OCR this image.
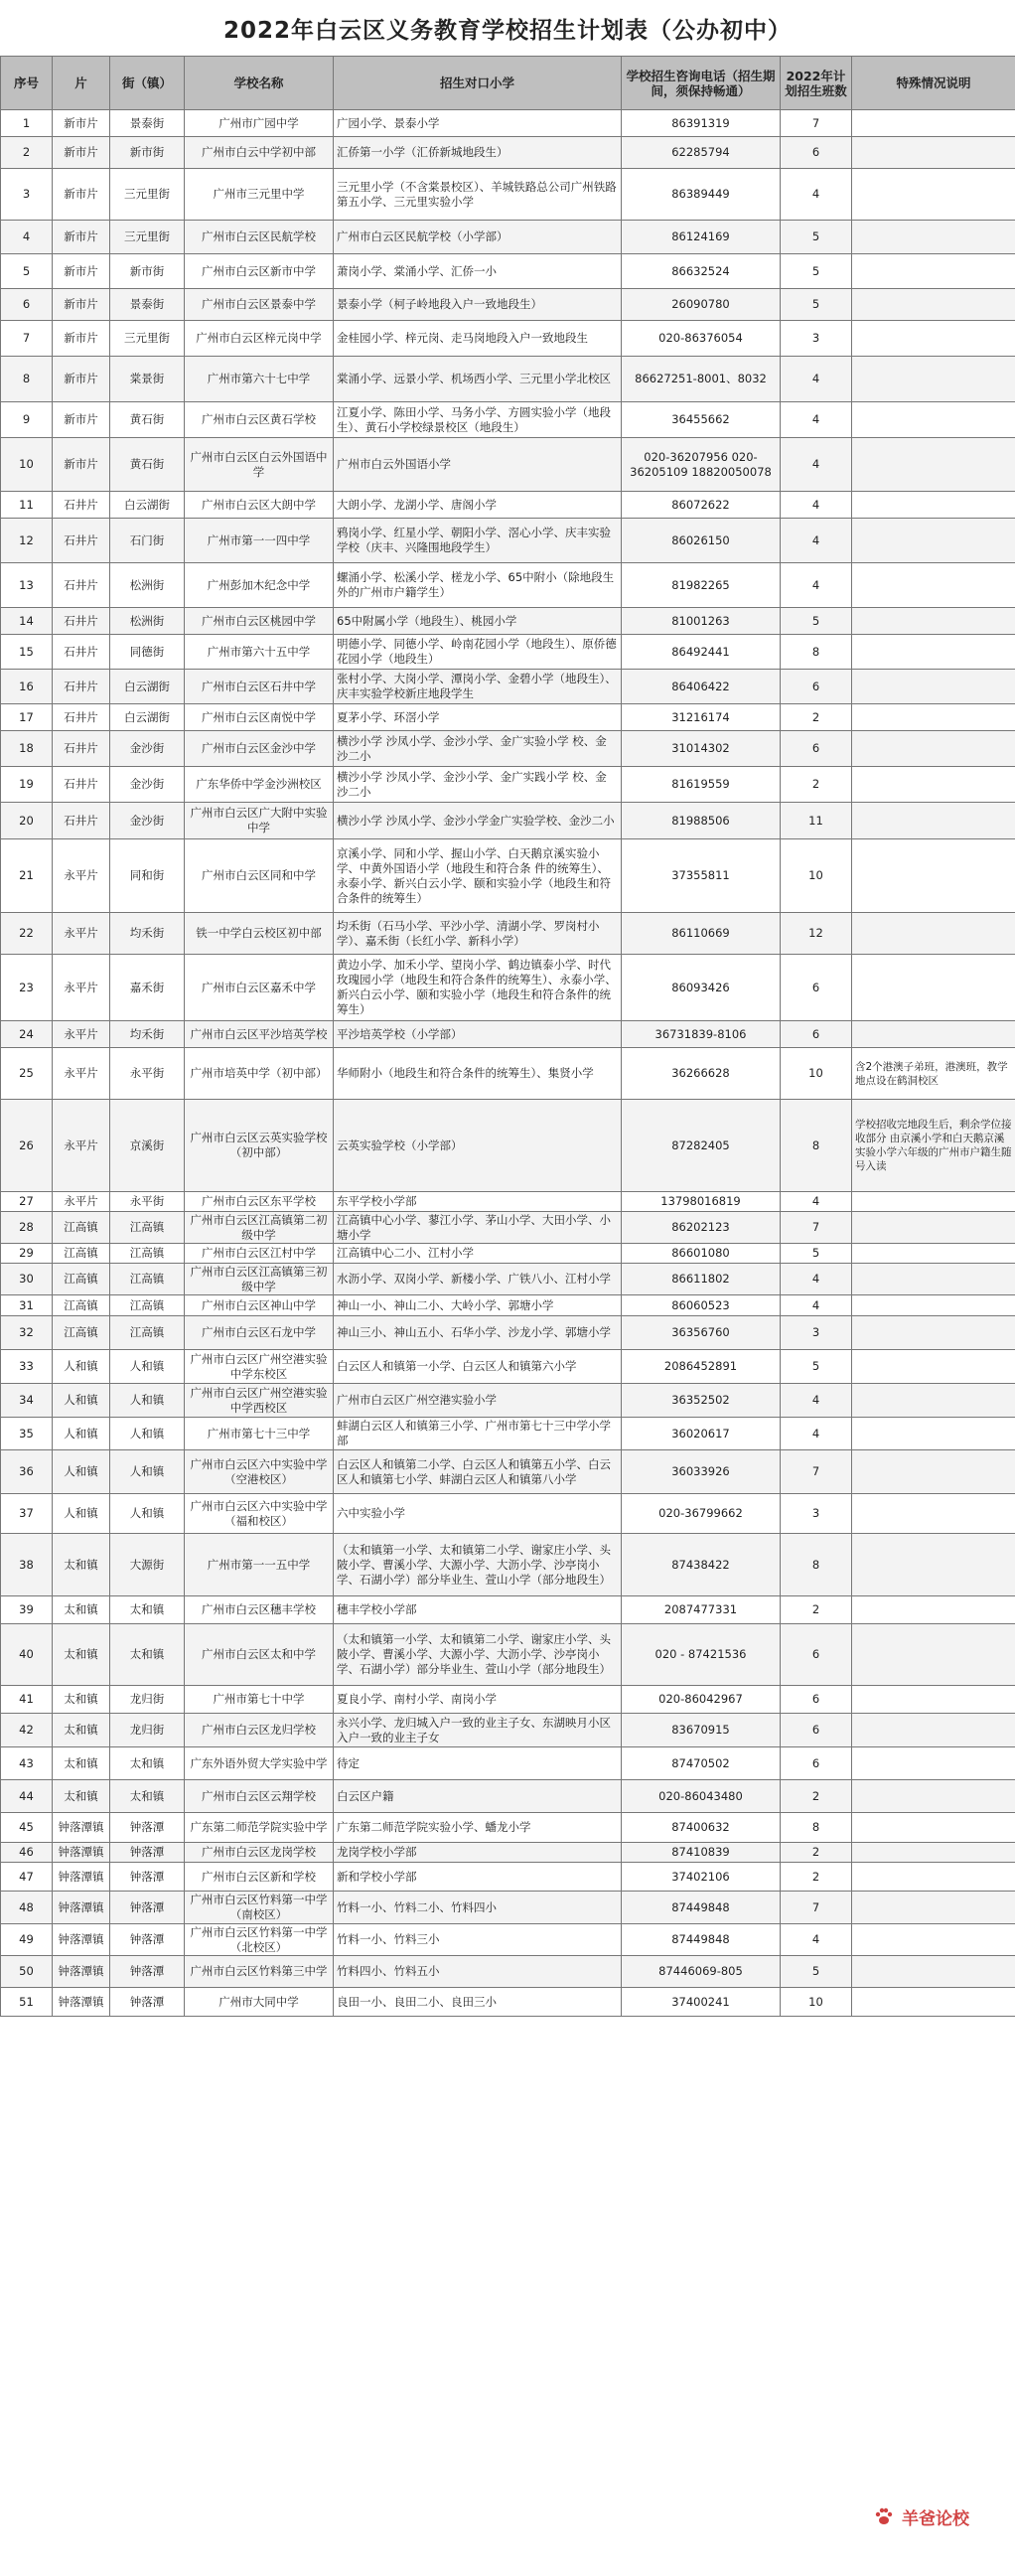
2022年白云区义务教育学校招生计划表（公办初中）
序号	片	街（镇）	学校名称	招生对口小学	学校招生咨询电话（招生期间，须保持畅通）	2022年计划招生班数	特殊情况说明
1	新市片	景泰街	广州市广园中学	广园小学、景泰小学	86391319	7	
2	新市片	新市街	广州市白云中学初中部	汇侨第一小学（汇侨新城地段生）	62285794	6	
3	新市片	三元里街	广州市三元里中学	三元里小学（不含棠景校区）、羊城铁路总公司广州铁路第五小学、三元里实验小学	86389449	4	
4	新市片	三元里街	广州市白云区民航学校	广州市白云区民航学校（小学部）	86124169	5	
5	新市片	新市街	广州市白云区新市中学	萧岗小学、棠涌小学、汇侨一小	86632524	5	
6	新市片	景泰街	广州市白云区景泰中学	景泰小学（柯子岭地段入户一致地段生）	26090780	5	
7	新市片	三元里街	广州市白云区梓元岗中学	金桂园小学、梓元岗、走马岗地段入户一致地段生	020-86376054	3	
8	新市片	棠景街	广州市第六十七中学	棠涌小学、远景小学、机场西小学、三元里小学北校区	86627251-8001、8032	4	
9	新市片	黄石街	广州市白云区黄石学校	江夏小学、陈田小学、马务小学、方圆实验小学（地段生）、黄石小学校绿景校区（地段生）	36455662	4	
10	新市片	黄石街	广州市白云区白云外国语中学	广州市白云外国语小学	020-36207956 020-36205109 18820050078	4	
11	石井片	白云湖街	广州市白云区大朗中学	大朗小学、龙湖小学、唐阁小学	86072622	4	
12	石井片	石门街	广州市第一一四中学	鸦岗小学、红星小学、朝阳小学、滘心小学、庆丰实验学校（庆丰、兴隆围地段学生）	86026150	4	
13	石井片	松洲街	广州彭加木纪念中学	螺涌小学、松溪小学、槎龙小学、65中附小（除地段生外的广州市户籍学生）	81982265	4	
14	石井片	松洲街	广州市白云区桃园中学	65中附属小学（地段生）、桃园小学	81001263	5	
15	石井片	同德街	广州市第六十五中学	明德小学、同德小学、岭南花园小学（地段生）、原侨德花园小学（地段生）	86492441	8	
16	石井片	白云湖街	广州市白云区石井中学	张村小学、大岗小学、潭岗小学、金碧小学（地段生）、庆丰实验学校新庄地段学生	86406422	6	
17	石井片	白云湖街	广州市白云区南悦中学	夏茅小学、环滘小学	31216174	2	
18	石井片	金沙街	广州市白云区金沙中学	横沙小学 沙凤小学、金沙小学、金广实验小学 校、金沙二小	31014302	6	
19	石井片	金沙街	广东华侨中学金沙洲校区	横沙小学 沙凤小学、金沙小学、金广实践小学 校、金沙二小	81619559	2	
20	石井片	金沙街	广州市白云区广大附中实验中学	横沙小学 沙凤小学、金沙小学金广实验学校、金沙二小	81988506	11	
21	永平片	同和街	广州市白云区同和中学	京溪小学、同和小学、握山小学、白天鹅京溪实验小学、中黄外国语小学（地段生和符合条 件的统筹生）、永泰小学、新兴白云小学、颐和实验小学（地段生和符合条件的统筹生）	37355811	10	
22	永平片	均禾街	铁一中学白云校区初中部	均禾街（石马小学、平沙小学、清湖小学、罗岗村小学）、嘉禾街（长红小学、新科小学）	86110669	12	
23	永平片	嘉禾街	广州市白云区嘉禾中学	黄边小学、加禾小学、望岗小学、鹤边镇泰小学、时代玫瑰园小学（地段生和符合条件的统筹生）、永泰小学、新兴白云小学、颐和实验小学（地段生和符合条件的统筹生）	86093426	6	
24	永平片	均禾街	广州市白云区平沙培英学校	平沙培英学校（小学部）	36731839-8106	6	
25	永平片	永平街	广州市培英中学（初中部）	华师附小（地段生和符合条件的统筹生）、集贤小学	36266628	10	含2个港澳子弟班，港澳班，教学地点设在鹤洞校区
26	永平片	京溪街	广州市白云区云英实验学校（初中部）	云英实验学校（小学部）	87282405	8	学校招收完地段生后，剩余学位接收部分 由京溪小学和白天鹅京溪实验小学六年级的广州市户籍生随号入读
27	永平片	永平街	广州市白云区东平学校	东平学校小学部	13798016819	4	
28	江高镇	江高镇	广州市白云区江高镇第二初级中学	江高镇中心小学、蓼江小学、茅山小学、大田小学、小塘小学	86202123	7	
29	江高镇	江高镇	广州市白云区江村中学	江高镇中心二小、江村小学	86601080	5	
30	江高镇	江高镇	广州市白云区江高镇第三初级中学	水沥小学、双岗小学、新楼小学、广铁八小、江村小学	86611802	4	
31	江高镇	江高镇	广州市白云区神山中学	神山一小、神山二小、大岭小学、郭塘小学	86060523	4	
32	江高镇	江高镇	广州市白云区石龙中学	神山三小、神山五小、石华小学、沙龙小学、郭塘小学	36356760	3	
33	人和镇	人和镇	广州市白云区广州空港实验中学东校区	白云区人和镇第一小学、白云区人和镇第六小学	2086452891	5	
34	人和镇	人和镇	广州市白云区广州空港实验中学西校区	广州市白云区广州空港实验小学	36352502	4	
35	人和镇	人和镇	广州市第七十三中学	蚌湖白云区人和镇第三小学、广州市第七十三中学小学部	36020617	4	
36	人和镇	人和镇	广州市白云区六中实验中学（空港校区）	白云区人和镇第二小学、白云区人和镇第五小学、白云区人和镇第七小学、蚌湖白云区人和镇第八小学	36033926	7	
37	人和镇	人和镇	广州市白云区六中实验中学（福和校区）	六中实验小学	020-36799662	3	
38	太和镇	大源街	广州市第一一五中学	（太和镇第一小学、太和镇第二小学、谢家庄小学、头陂小学、曹溪小学、大源小学、大沥小学、沙亭岗小学、石湖小学）部分毕业生、萱山小学（部分地段生）	87438422	8	
39	太和镇	太和镇	广州市白云区穗丰学校	穗丰学校小学部	2087477331	2	
40	太和镇	太和镇	广州市白云区太和中学	（太和镇第一小学、太和镇第二小学、谢家庄小学、头陂小学、曹溪小学、大源小学、大沥小学、沙亭岗小学、石湖小学）部分毕业生、萱山小学（部分地段生）	020 - 87421536	6	
41	太和镇	龙归街	广州市第七十中学	夏良小学、南村小学、南岗小学	020-86042967	6	
42	太和镇	龙归街	广州市白云区龙归学校	永兴小学、龙归城入户一致的业主子女、东湖映月小区入户一致的业主子女	83670915	6	
43	太和镇	太和镇	广东外语外贸大学实验中学	待定	87470502	6	
44	太和镇	太和镇	广州市白云区云翔学校	白云区户籍	020-86043480	2	
45	钟落潭镇	钟落潭	广东第二师范学院实验中学	广东第二师范学院实验小学、蟠龙小学	87400632	8	
46	钟落潭镇	钟落潭	广州市白云区龙岗学校	龙岗学校小学部	87410839	2	
47	钟落潭镇	钟落潭	广州市白云区新和学校	新和学校小学部	37402106	2	
48	钟落潭镇	钟落潭	广州市白云区竹料第一中学（南校区）	竹料一小、竹料二小、竹料四小	87449848	7	
49	钟落潭镇	钟落潭	广州市白云区竹料第一中学（北校区）	竹料一小、竹料三小	87449848	4	
50	钟落潭镇	钟落潭	广州市白云区竹料第三中学	竹料四小、竹料五小	87446069-805	5	
51	钟落潭镇	钟落潭	广州市大同中学	良田一小、良田二小、良田三小	37400241	10	
羊爸论校
